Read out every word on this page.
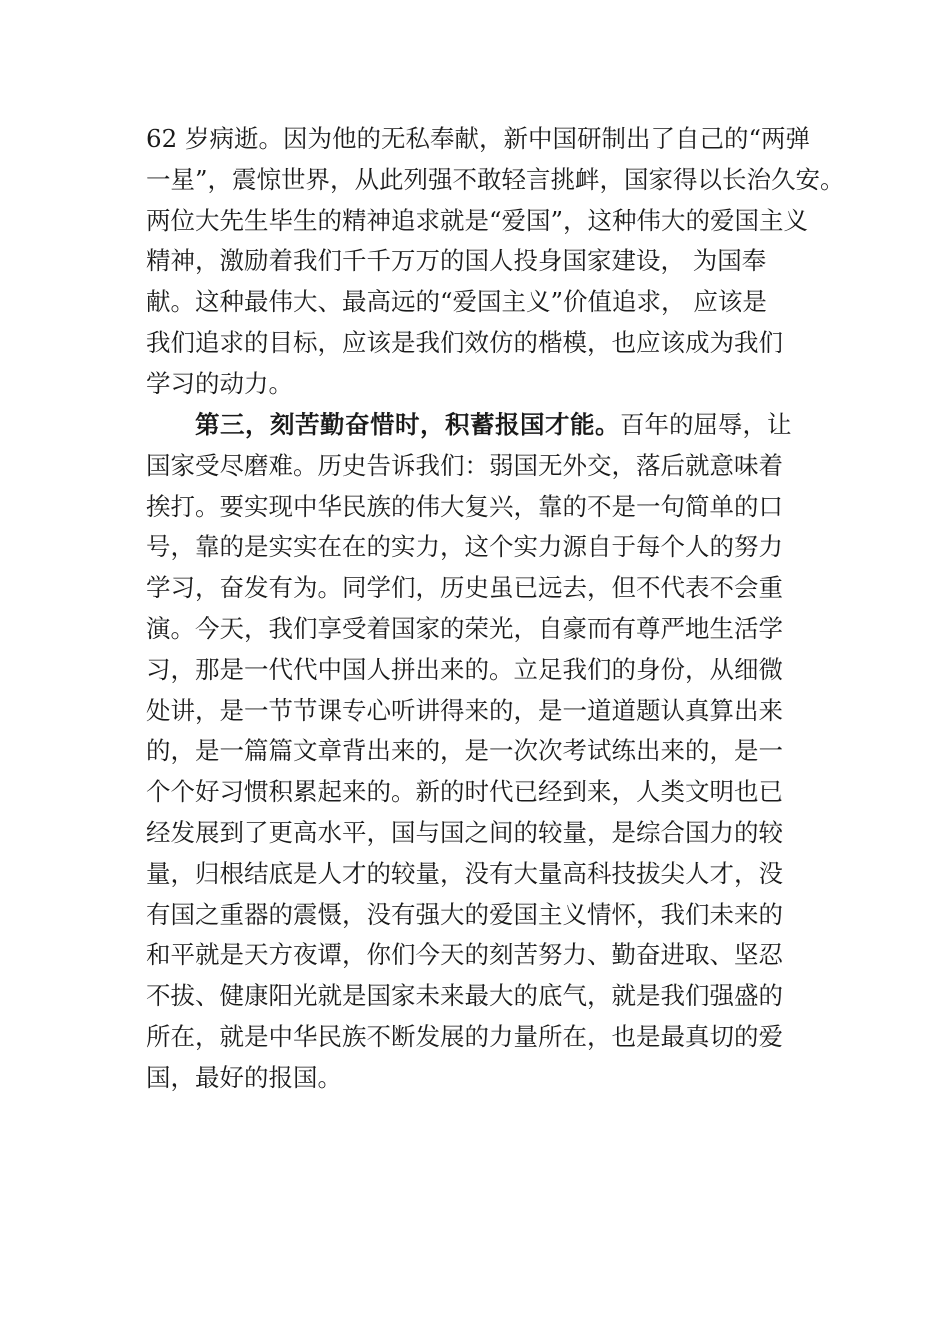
62 岁病逝。因为他的无私奉献，新中国研制出了自己的“两弹
一星”，震惊世界，从此列强不敢轻言挑衅，国家得以长治久安。
两位大先生毕生的精神追求就是“爱国”，这种伟大的爱国主义
精神，激励着我们千千万万的国人投身国家建设， 为国奉
献。这种最伟大、最高远的“爱国主义”价值追求， 应该是
我们追求的目标，应该是我们效仿的楷模，也应该成为我们
学习的动力。
第三，刻苦勤奋惜时，积蓄报国才能。百年的屈辱，让
国家受尽磨难。历史告诉我们：弱国无外交，落后就意味着
挨打。要实现中华民族的伟大复兴，靠的不是一句简单的口
号，靠的是实实在在的实力，这个实力源自于每个人的努力
学习，奋发有为。同学们，历史虽已远去，但不代表不会重
演。今天，我们享受着国家的荣光，自豪而有尊严地生活学
习，那是一代代中国人拼出来的。立足我们的身份，从细微
处讲，是一节节课专心听讲得来的，是一道道题认真算出来
的，是一篇篇文章背出来的，是一次次考试练出来的，是一
个个好习惯积累起来的。新的时代已经到来，人类文明也已
经发展到了更高水平，国与国之间的较量，是综合国力的较
量，归根结底是人才的较量，没有大量高科技拔尖人才，没
有国之重器的震慑，没有强大的爱国主义情怀，我们未来的
和平就是天方夜谭，你们今天的刻苦努力、勤奋进取、坚忍
不拔、健康阳光就是国家未来最大的底气，就是我们强盛的
所在，就是中华民族不断发展的力量所在，也是最真切的爱
国，最好的报国。
